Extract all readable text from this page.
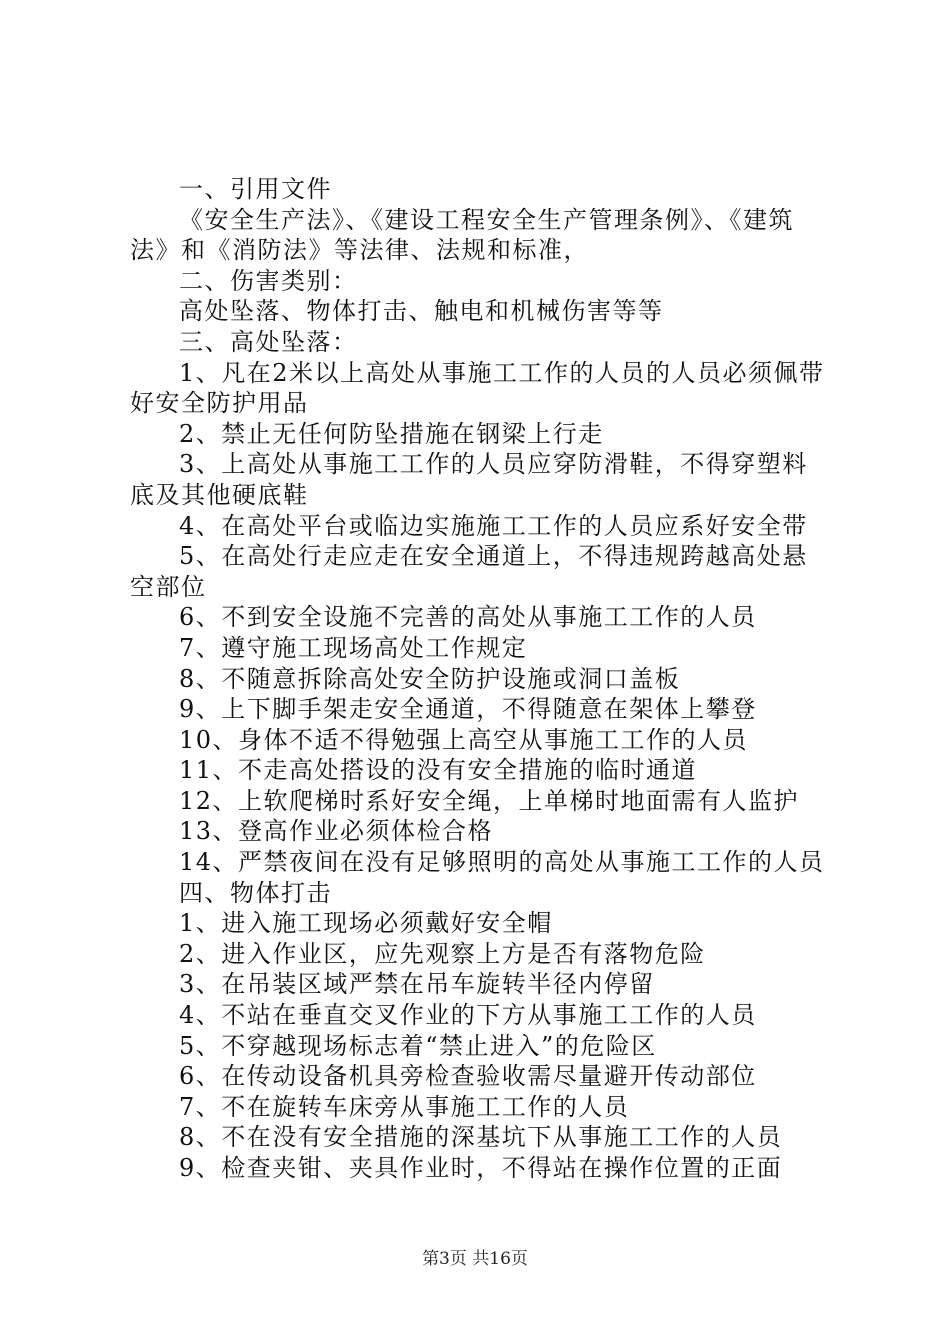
一、引用文件

《安全生产法》、《建设工程安全生产管理条例》、《建筑法》和《消防法》等法律、法规和标准，

二、伤害类别：

高处坠落、物体打击、触电和机械伤害等等

三、高处坠落：

1、凡在2米以上高处从事施工工作的人员的人员必须佩带好安全防护用品

2、禁止无任何防坠措施在钢梁上行走

3、上高处从事施工工作的人员应穿防滑鞋，不得穿塑料底及其他硬底鞋

4、在高处平台或临边实施施工工作的人员应系好安全带

5、在高处行走应走在安全通道上，不得违规跨越高处悬空部位

6、不到安全设施不完善的高处从事施工工作的人员

7、遵守施工现场高处工作规定

8、不随意拆除高处安全防护设施或洞口盖板

9、上下脚手架走安全通道，不得随意在架体上攀登

10、身体不适不得勉强上高空从事施工工作的人员

11、不走高处搭设的没有安全措施的临时通道

12、上软爬梯时系好安全绳，上单梯时地面需有人监护

13、登高作业必须体检合格

14、严禁夜间在没有足够照明的高处从事施工工作的人员

四、物体打击

1、进入施工现场必须戴好安全帽

2、进入作业区，应先观察上方是否有落物危险

3、在吊装区域严禁在吊车旋转半径内停留

4、不站在垂直交叉作业的下方从事施工工作的人员

5、不穿越现场标志着“禁止进入”的危险区

6、在传动设备机具旁检查验收需尽量避开传动部位

7、不在旋转车床旁从事施工工作的人员

8、不在没有安全措施的深基坑下从事施工工作的人员

9、检查夹钳、夹具作业时，不得站在操作位置的正面

第3页 共16页
